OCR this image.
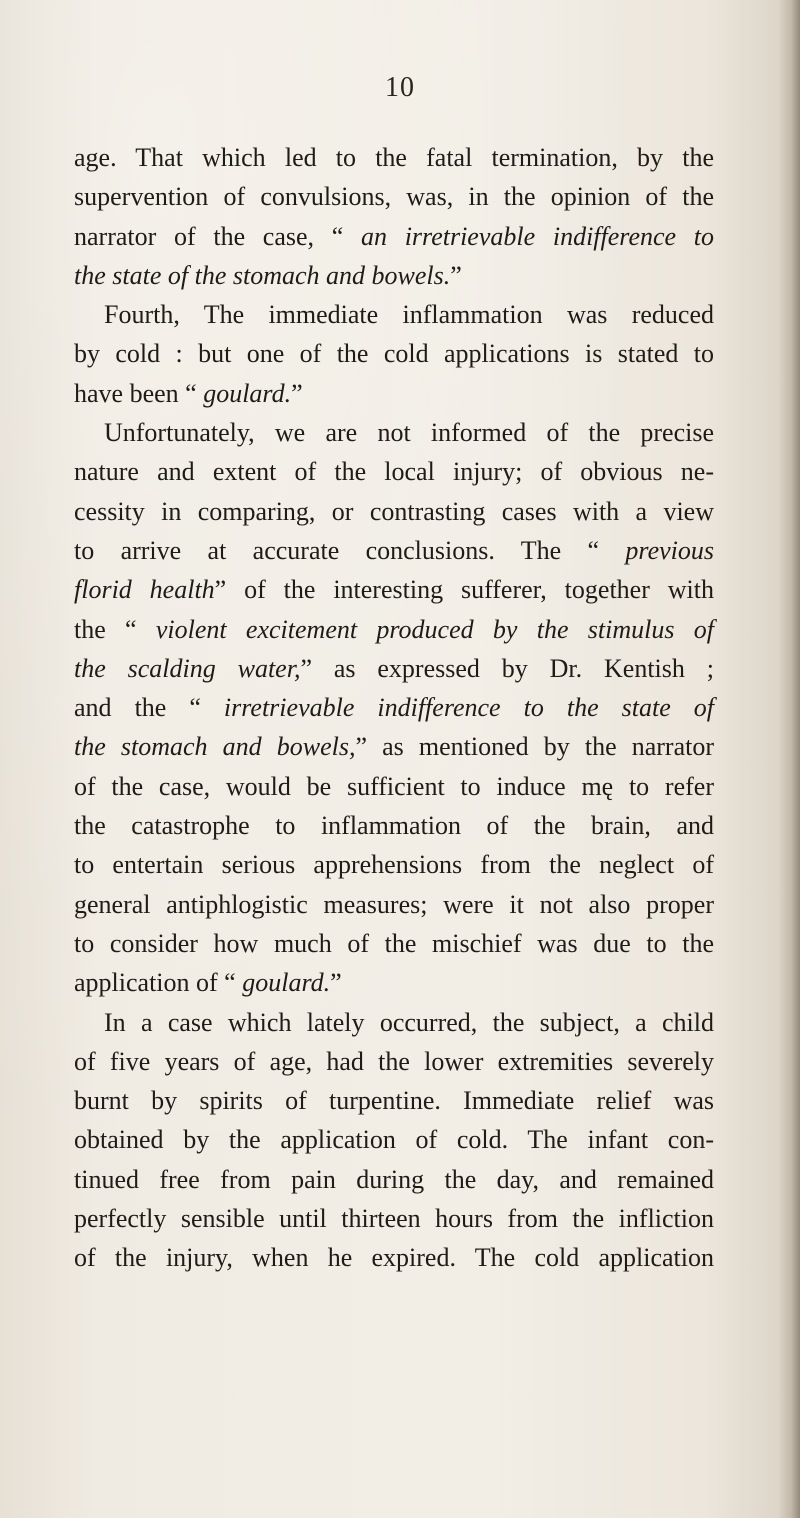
10
age. That which led to the fatal termination, by the
supervention of convulsions, was, in the opinion of the
narrator of the case, “ an irretrievable indifference to
the state of the stomach and bowels.”
Fourth, The immediate inflammation was reduced
by cold : but one of the cold applications is stated to
have been “ goulard.”
Unfortunately, we are not informed of the precise
nature and extent of the local injury; of obvious ne-
cessity in comparing, or contrasting cases with a view
to arrive at accurate conclusions. The “ previous
florid health” of the interesting sufferer, together with
the “ violent excitement produced by the stimulus of
the scalding water,” as expressed by Dr. Kentish ;
and the “ irretrievable indifference to the state of
the stomach and bowels,” as mentioned by the narrator
of the case, would be sufficient to induce mę to refer
the catastrophe to inflammation of the brain, and
to entertain serious apprehensions from the neglect of
general antiphlogistic measures; were it not also proper
to consider how much of the mischief was due to the
application of “ goulard.”
In a case which lately occurred, the subject, a child
of five years of age, had the lower extremities severely
burnt by spirits of turpentine. Immediate relief was
obtained by the application of cold. The infant con-
tinued free from pain during the day, and remained
perfectly sensible until thirteen hours from the infliction
of the injury, when he expired. The cold application
